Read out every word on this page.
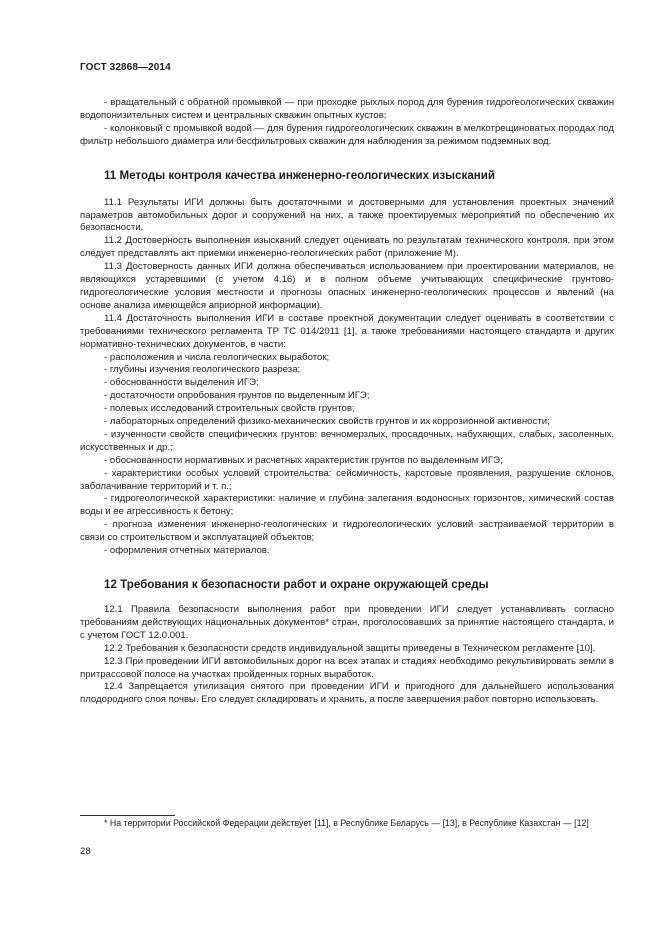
ГОСТ 32868—2014

- вращательный с обратной промывкой — при проходке рыхлых пород для бурения гидрогеологических скважин водопонизительных систем и центральных скважин опытных кустов;

- колонковый с промывкой водой — для бурения гидрогеологических скважин в мелкотрещиноватых породах под фильтр небольшого диаметра или бесфильтровых скважин для наблюдения за режимом подземных вод.

11 Методы контроля качества инженерно-геологических изысканий

11.1 Результаты ИГИ должны быть достаточными и достоверными для установления проектных значений параметров автомобильных дорог и сооружений на них, а также проектируемых мероприятий по обеспечению их безопасности.

11.2 Достоверность выполнения изысканий следует оценивать по результатам технического контроля, при этом следует представлять акт приемки инженерно-геологических работ (приложение М).

11.3 Достоверность данных ИГИ должна обеспечиваться использованием при проектировании материалов, не являющихся устаревшими (с учетом 4.16) и в полном объеме учитывающих специфические грунтово-гидрогеологические условия местности и прогнозы опасных инженерно-геологических процессов и явлений (на основе анализа имеющейся априорной информации).

11.4 Достаточность выполнения ИГИ в составе проектной документации следует оценивать в соответствии с требованиями технического регламента ТР ТС 014/2011 [1], а также требованиями настоящего стандарта и других нормативно-технических документов, в части:

- расположения и числа геологических выработок;

- глубины изучения геологического разреза;

- обоснованности выделения ИГЭ;

- достаточности опробования грунтов по выделенным ИГЭ;

- полевых исследований строительных свойств грунтов;

- лабораторных определений физико-механических свойств грунтов и их коррозионной активности;

- изученности свойств специфических грунтов: вечномерзлых, просадочных, набухающих, слабых, засоленных, искусственных и др.;

- обоснованности нормативных и расчетных характеристик грунтов по выделенным ИГЭ;

- характеристики особых условий строительства: сейсмичность, карстовые проявления, разрушение склонов, заболачивание территорий и т. п.;

- гидрогеологической характеристики: наличие и глубина залегания водоносных горизонтов, химический состав воды и ее агрессивность к бетону;

- прогноза изменения инженерно-геологических и гидрогеологических условий застраиваемой территории в связи со строительством и эксплуатацией объектов;

- оформления отчетных материалов.

12 Требования к безопасности работ и охране окружающей среды

12.1 Правила безопасности выполнения работ при проведении ИГИ следует устанавливать согласно требованиям действующих национальных документов* стран, проголосовавших за принятие настоящего стандарта, и с учетом ГОСТ 12.0.001.

12.2 Требования к безопасности средств индивидуальной защиты приведены в Техническом регламенте [10].

12.3 При проведении ИГИ автомобильных дорог на всех этапах и стадиях необходимо рекультивировать земли в притрассовой полосе на участках пройденных горных выработок.

12.4 Запрещается утилизация снятого при проведении ИГИ и пригодного для дальнейшего использования плодородного слоя почвы. Его следует складировать и хранить, а после завершения работ повторно использовать.

* На территории Российской Федерации действует [11], в Республике Беларусь — [13], в Республике Казахстан — [12]

28
